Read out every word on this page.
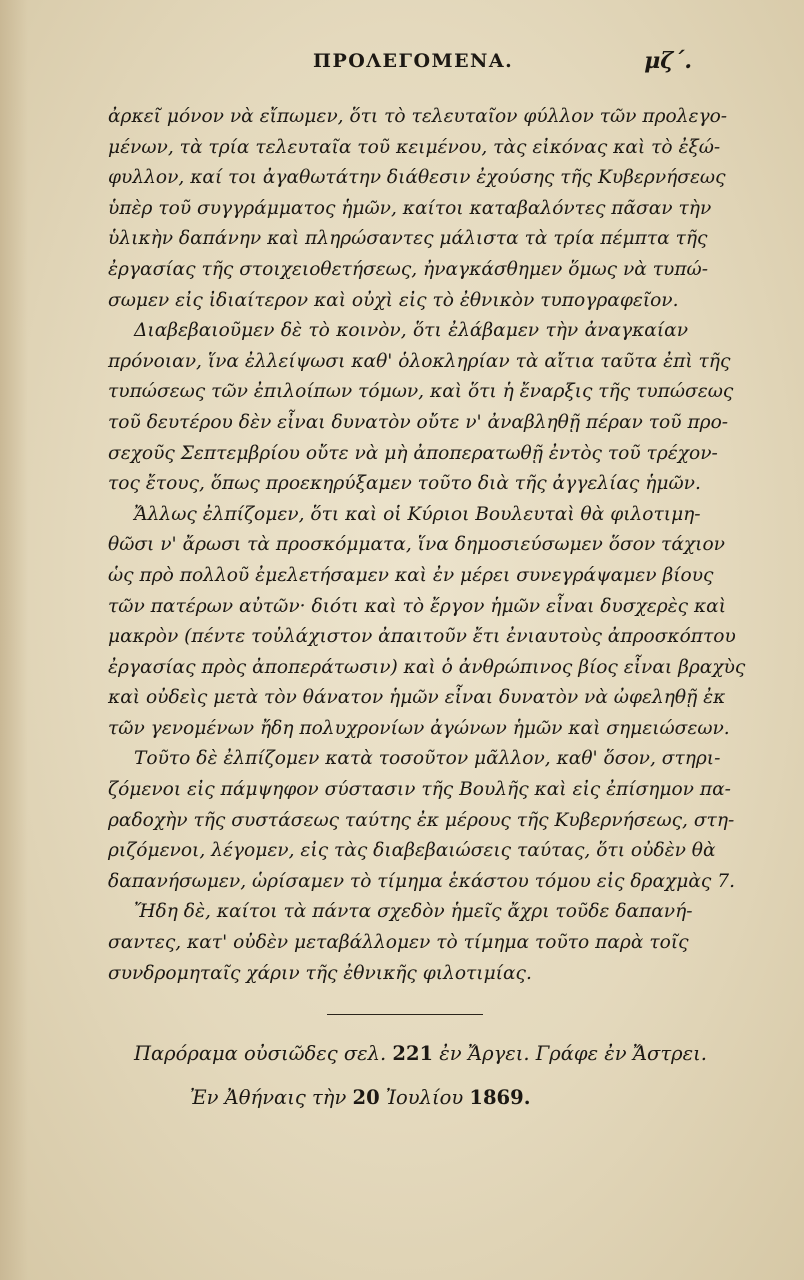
ΠΡΟΛΕΓΟΜΕΝΑ.	μζ΄.
ἀρκεῖ μόνον νὰ εἴπωμεν, ὅτι τὸ τελευταῖον φύλλον τῶν προλεγο-
μένων, τὰ τρία τελευταῖα τοῦ κειμένου, τὰς εἰκόνας καὶ τὸ ἐξώ-
φυλλον, καί τοι ἀγαθωτάτην διάθεσιν ἐχούσης τῆς Κυβερνήσεως
ὑπὲρ τοῦ συγγράμματος ἡμῶν, καίτοι καταβαλόντες πᾶσαν τὴν
ὑλικὴν δαπάνην καὶ πληρώσαντες μάλιστα τὰ τρία πέμπτα τῆς
ἐργασίας τῆς στοιχειοθετήσεως, ἠναγκάσθημεν ὅμως νὰ τυπώ-
σωμεν εἰς ἰδιαίτερον καὶ οὐχὶ εἰς τὸ ἐθνικὸν τυπογραφεῖον.
Διαβεβαιοῦμεν δὲ τὸ κοινὸν, ὅτι ἐλάβαμεν τὴν ἀναγκαίαν
πρόνοιαν, ἵνα ἐλλείψωσι καθ' ὁλοκληρίαν τὰ αἴτια ταῦτα ἐπὶ τῆς
τυπώσεως τῶν ἐπιλοίπων τόμων, καὶ ὅτι ἡ ἔναρξις τῆς τυπώσεως
τοῦ δευτέρου δὲν εἶναι δυνατὸν οὔτε ν' ἀναβληθῇ πέραν τοῦ προ-
σεχοῦς Σεπτεμβρίου οὔτε νὰ μὴ ἀποπερατωθῇ ἐντὸς τοῦ τρέχον-
τος ἔτους, ὅπως προεκηρύξαμεν τοῦτο διὰ τῆς ἀγγελίας ἡμῶν.
Ἄλλως ἐλπίζομεν, ὅτι καὶ οἱ Κύριοι Βουλευταὶ θὰ φιλοτιμη-
θῶσι ν' ἄρωσι τὰ προσκόμματα, ἵνα δημοσιεύσωμεν ὅσον τάχιον
ὡς πρὸ πολλοῦ ἐμελετήσαμεν καὶ ἐν μέρει συνεγράψαμεν βίους
τῶν πατέρων αὐτῶν· διότι καὶ τὸ ἔργον ἡμῶν εἶναι δυσχερὲς καὶ
μακρὸν (πέντε τοὐλάχιστον ἀπαιτοῦν ἔτι ἐνιαυτοὺς ἀπροσκόπτου
ἐργασίας πρὸς ἀποπεράτωσιν) καὶ ὁ ἀνθρώπινος βίος εἶναι βραχὺς
καὶ οὐδεὶς μετὰ τὸν θάνατον ἡμῶν εἶναι δυνατὸν νὰ ὠφεληθῇ ἐκ
τῶν γενομένων ἤδη πολυχρονίων ἀγώνων ἡμῶν καὶ σημειώσεων.
Τοῦτο δὲ ἐλπίζομεν κατὰ τοσοῦτον μᾶλλον, καθ' ὅσον, στηρι-
ζόμενοι εἰς πάμψηφον σύστασιν τῆς Βουλῆς καὶ εἰς ἐπίσημον πα-
ραδοχὴν τῆς συστάσεως ταύτης ἐκ μέρους τῆς Κυβερνήσεως, στη-
ριζόμενοι, λέγομεν, εἰς τὰς διαβεβαιώσεις ταύτας, ὅτι οὐδὲν θὰ
δαπανήσωμεν, ὡρίσαμεν τὸ τίμημα ἑκάστου τόμου εἰς δραχμὰς 7.
Ἤδη δὲ, καίτοι τὰ πάντα σχεδὸν ἡμεῖς ἄχρι τοῦδε δαπανή-
σαντες, κατ' οὐδὲν μεταβάλλομεν τὸ τίμημα τοῦτο παρὰ τοῖς
συνδρομηταῖς χάριν τῆς ἐθνικῆς φιλοτιμίας.
Παρόραμα οὐσιῶδες σελ. 221 ἐν Ἄργει. Γράφε ἐν Ἄστρει.
Ἐν Ἀθήναις τὴν 20 Ἰουλίου 1869.
